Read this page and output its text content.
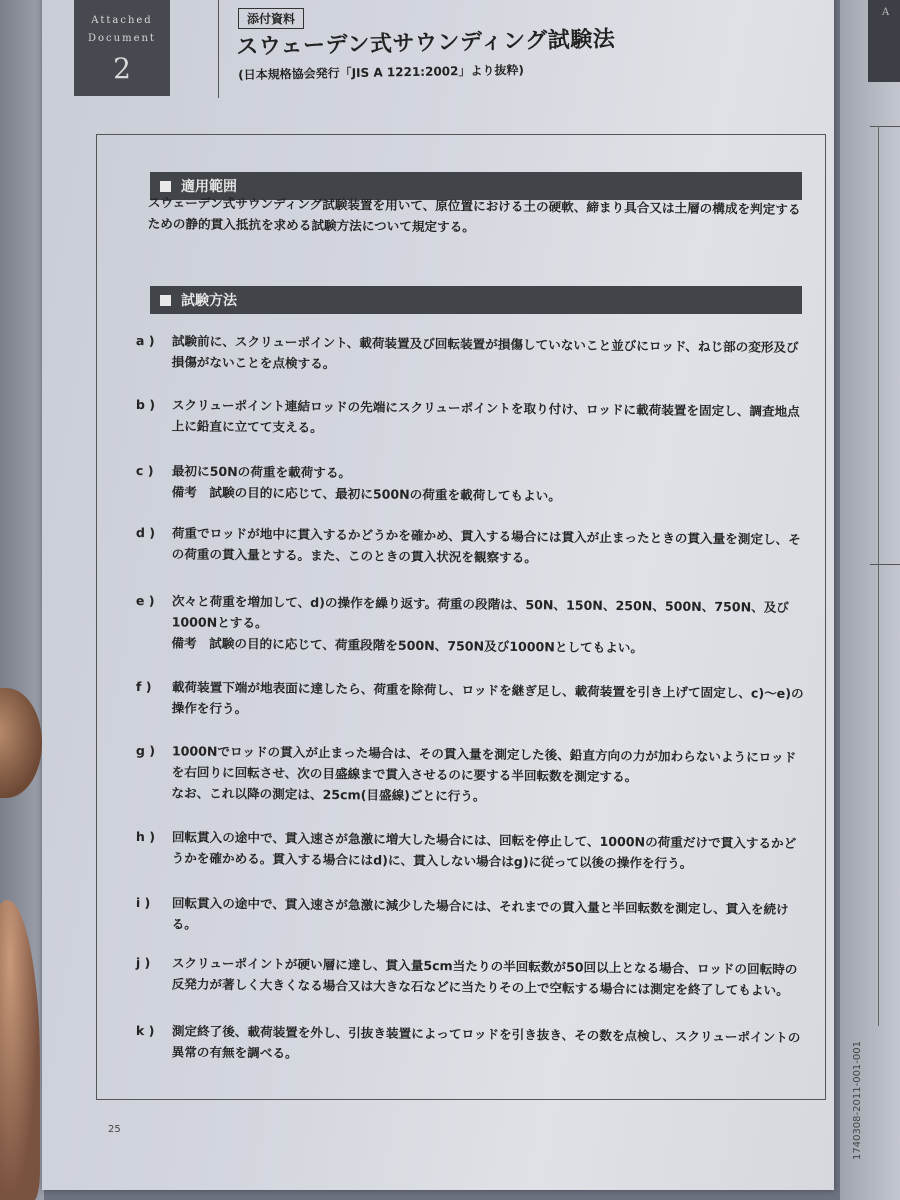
A
Attached
Document
2
添付資料
スウェーデン式サウンディング試験法
(日本規格協会発行「JIS A 1221:2002」より抜粋)
適用範囲
スウェーデン式サウンディング試験装置を用いて、原位置における土の硬軟、締まり具合又は土層の構成を判定するための静的貫入抵抗を求める試験方法について規定する。
試験方法
a )	試験前に、スクリューポイント、載荷装置及び回転装置が損傷していないこと並びにロッド、ねじ部の変形及び損傷がないことを点検する。
b )	スクリューポイント連結ロッドの先端にスクリューポイントを取り付け、ロッドに載荷装置を固定し、調査地点上に鉛直に立てて支える。
c )	最初に50Nの荷重を載荷する。
備考　試験の目的に応じて、最初に500Nの荷重を載荷してもよい。
d )	荷重でロッドが地中に貫入するかどうかを確かめ、貫入する場合には貫入が止まったときの貫入量を測定し、その荷重の貫入量とする。また、このときの貫入状況を観察する。
e )	次々と荷重を増加して、d)の操作を繰り返す。荷重の段階は、50N、150N、250N、500N、750N、及び1000Nとする。
備考　試験の目的に応じて、荷重段階を500N、750N及び1000Nとしてもよい。
f )	載荷装置下端が地表面に達したら、荷重を除荷し、ロッドを継ぎ足し、載荷装置を引き上げて固定し、c)～e)の操作を行う。
g )	1000Nでロッドの貫入が止まった場合は、その貫入量を測定した後、鉛直方向の力が加わらないようにロッドを右回りに回転させ、次の目盛線まで貫入させるのに要する半回転数を測定する。
なお、これ以降の測定は、25cm(目盛線)ごとに行う。
h )	回転貫入の途中で、貫入速さが急激に増大した場合には、回転を停止して、1000Nの荷重だけで貫入するかどうかを確かめる。貫入する場合にはd)に、貫入しない場合はg)に従って以後の操作を行う。
i )	回転貫入の途中で、貫入速さが急激に減少した場合には、それまでの貫入量と半回転数を測定し、貫入を続ける。
j )	スクリューポイントが硬い層に達し、貫入量5cm当たりの半回転数が50回以上となる場合、ロッドの回転時の反発力が著しく大きくなる場合又は大きな石などに当たりその上で空転する場合には測定を終了してもよい。
k )	測定終了後、載荷装置を外し、引抜き装置によってロッドを引き抜き、その数を点検し、スクリューポイントの異常の有無を調べる。
25	1740308-2011-001-001
